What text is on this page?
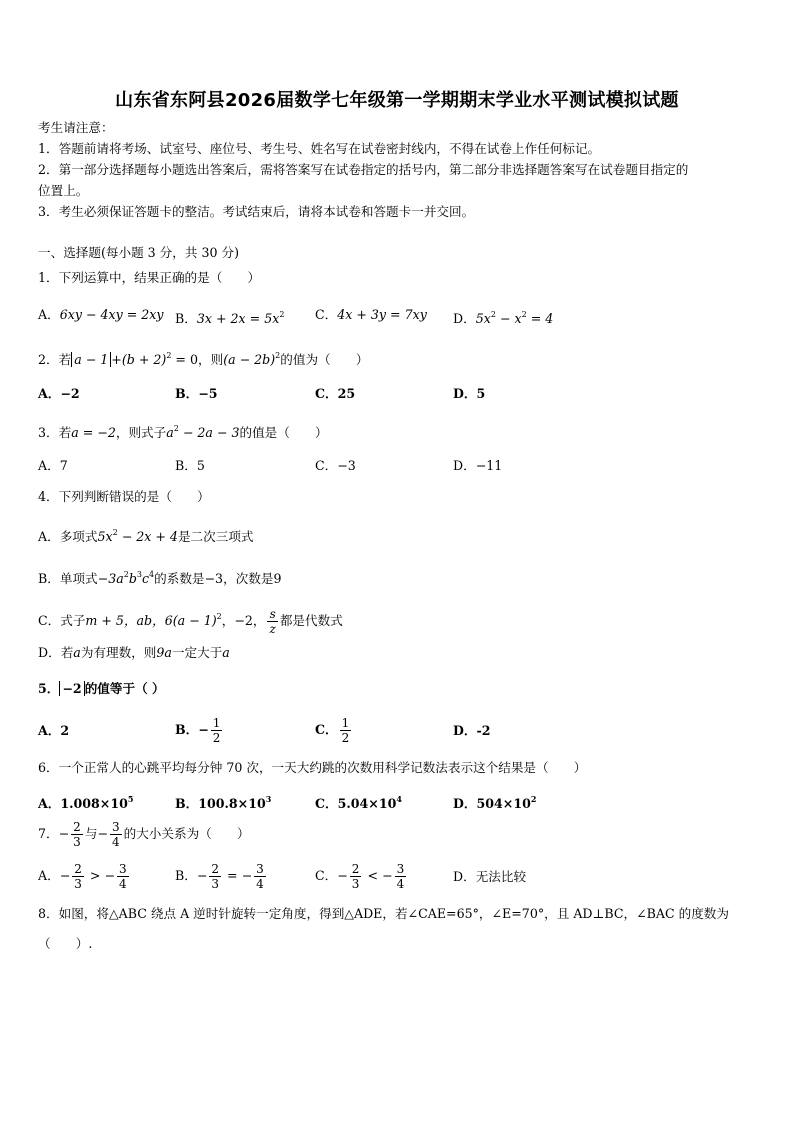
山东省东阿县2026届数学七年级第一学期期末学业水平测试模拟试题
考生请注意：
1．答题前请将考场、试室号、座位号、考生号、姓名写在试卷密封线内，不得在试卷上作任何标记。
2．第一部分选择题每小题选出答案后，需将答案写在试卷指定的括号内，第二部分非选择题答案写在试卷题目指定的
位置上。
3．考生必须保证答题卡的整洁。考试结束后，请将本试卷和答题卡一并交回。
一、选择题(每小题 3 分，共 30 分)
1．下列运算中，结果正确的是（　　）
A．6xy − 4xy = 2xy B．$3x + 2x = 5x^2$ C．4x + 3y = 7xy D．$5x^2 - x^2 = 4$
2．若 $a - 1 +(b + 2)^2 = 0$，则$(a - 2b)^2$的值为（　　）
A．−2	B．−5	C．25	D．5
3．若a = −2，则式子$a^2 - 2a - 3$的值是（　　）
A．7	B．5	C．−3	D．−11
4．下列判断错误的是（　　）
A．多项式$5x^2 - 2x + 4$是二次三项式
B．单项式$-3a^2b^3c^4$的系数是−3，次数是9
C．式子m + 5，ab，$6(a - 1)^2$，−2， $\frac{s}{z}$ 都是代数式
D．若a为有理数，则9a一定大于a
5． −2 的值等于（ ）
A．2	B．− $\frac{1}{2}$	C． $\frac{1}{2}$	D．-2
6．一个正常人的心跳平均每分钟 70 次，一天大约跳的次数用科学记数法表示这个结果是（　　）
A．$1.008\times 10^5$	B．$100.8\times 10^3$	C．$5.04\times 10^4$	D．$504\times 10^2$
7．− $\frac{2}{3}$ 与− $\frac{3}{4}$ 的大小关系为（　　）
A．− $\frac{2}{3}$ > − $\frac{3}{4}$	B．− $\frac{2}{3}$ = − $\frac{3}{4}$	C．− $\frac{2}{3}$ < − $\frac{3}{4}$	D．无法比较
8．如图，将△ABC 绕点 A 逆时针旋转一定角度，得到△ADE，若∠CAE=65°，∠E=70°，且 AD⊥BC，∠BAC 的度数为
（　　）.
